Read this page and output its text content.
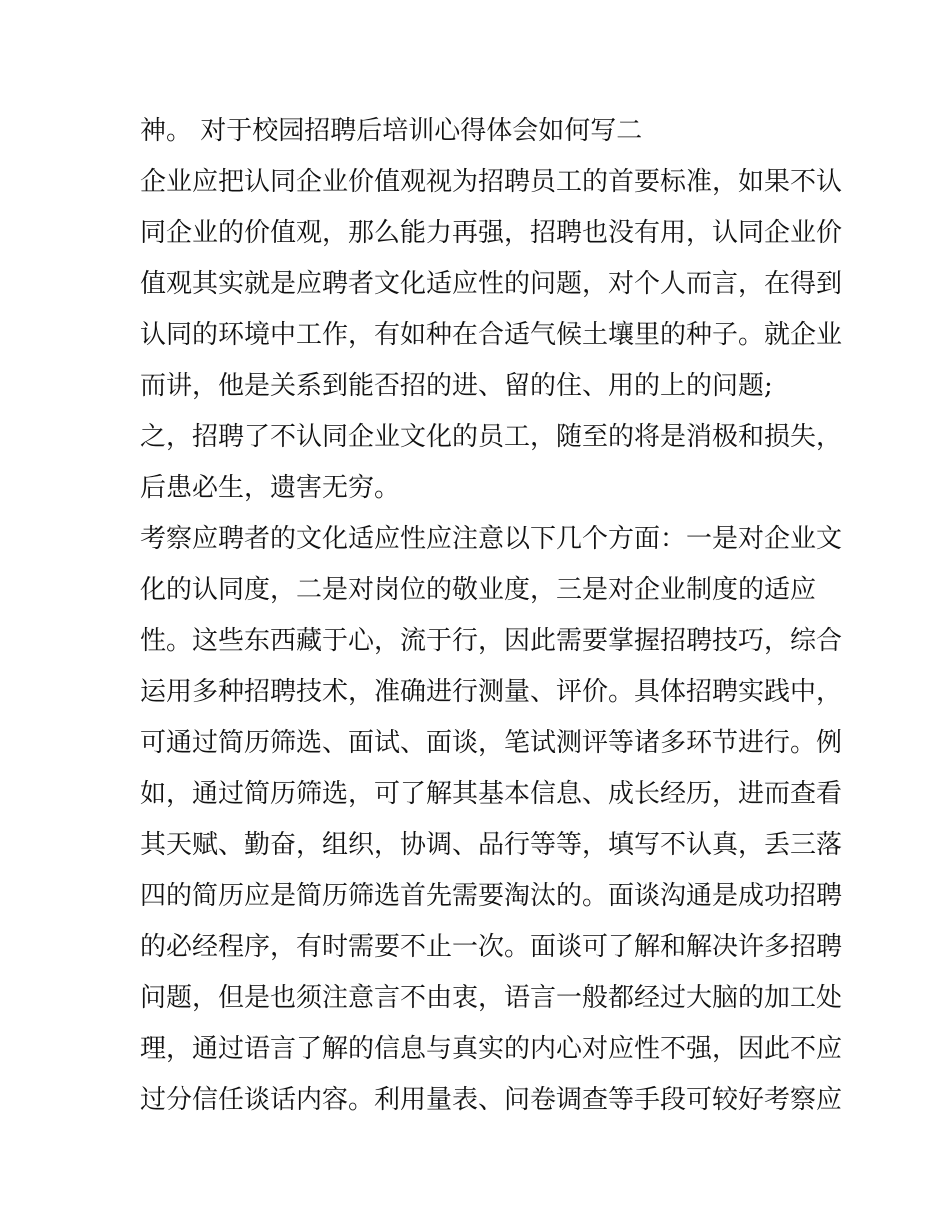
神。 对于校园招聘后培训心得体会如何写二
企业应把认同企业价值观视为招聘员工的首要标准，如果不认
同企业的价值观，那么能力再强，招聘也没有用，认同企业价
值观其实就是应聘者文化适应性的问题，对个人而言，在得到
认同的环境中工作，有如种在合适气候土壤里的种子。就企业
而讲，他是关系到能否招的进、留的住、用的上的问题;
之，招聘了不认同企业文化的员工，随至的将是消极和损失，
后患必生，遗害无穷。
考察应聘者的文化适应性应注意以下几个方面：一是对企业文
化的认同度，二是对岗位的敬业度，三是对企业制度的适应
性。这些东西藏于心，流于行，因此需要掌握招聘技巧，综合
运用多种招聘技术，准确进行测量、评价。具体招聘实践中，
可通过简历筛选、面试、面谈，笔试测评等诸多环节进行。例
如，通过简历筛选，可了解其基本信息、成长经历，进而查看
其天赋、勤奋，组织，协调、品行等等，填写不认真，丢三落
四的简历应是简历筛选首先需要淘汰的。面谈沟通是成功招聘
的必经程序，有时需要不止一次。面谈可了解和解决许多招聘
问题，但是也须注意言不由衷，语言一般都经过大脑的加工处
理，通过语言了解的信息与真实的内心对应性不强，因此不应
过分信任谈话内容。利用量表、问卷调查等手段可较好考察应
